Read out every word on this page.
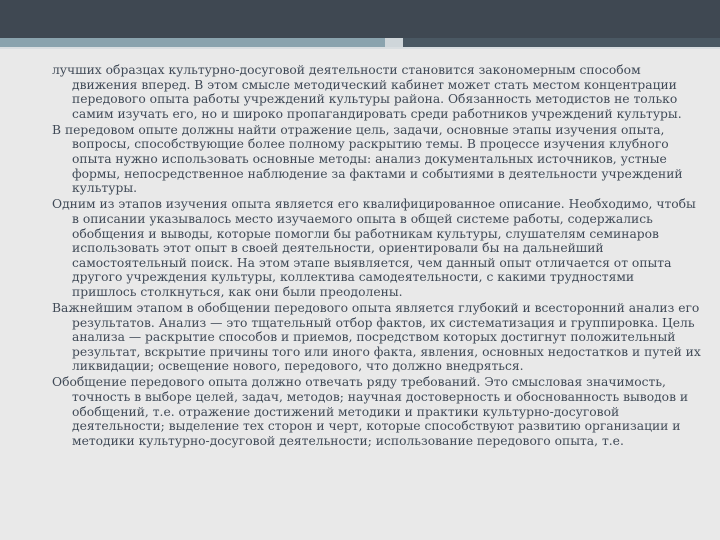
лучших образцах культурно-досуговой деятельности становится закономерным способом движения вперед. В этом смысле методический кабинет может стать местом концентрации передового опыта работы учреждений культуры района. Обязанность методистов не только самим изучать его, но и широко пропагандировать среди работников учреждений культуры.

В передовом опыте должны найти отражение цель, задачи, основные этапы изучения опыта, вопросы, способствующие более полному раскрытию темы. В процессе изучения клубного опыта нужно использовать основные методы: анализ документальных источников, устные формы, непосредственное наблюдение за фактами и событиями в деятельности учреждений культуры.

Одним из этапов изучения опыта является его квалифицированное описание. Необходимо, чтобы в описании указывалось место изучаемого опыта в общей системе работы, содержались обобщения и выводы, которые помогли бы работникам культуры, слушателям семинаров использовать этот опыт в своей деятельности, ориентировали бы на дальнейший самостоятельный поиск. На этом этапе выявляется, чем данный опыт отличается от опыта другого учреждения культуры, коллектива самодеятельности, с какими трудностями пришлось столкнуться, как они были преодолены.

Важнейшим этапом в обобщении передового опыта является глубокий и всесторонний анализ его результатов. Анализ — это тщательный отбор фактов, их систематизация и группировка. Цель анализа — раскрытие способов и приемов, посредством которых достигнут положительный результат, вскрытие причины того или иного факта, явления, основных недостатков и путей их ликвидации; освещение нового, передового, что должно внедряться.

Обобщение передового опыта должно отвечать ряду требований. Это смысловая значимость, точность в выборе целей, задач, методов; научная достоверность и обоснованность выводов и обобщений, т.е. отражение достижений методики и практики культурно-досуговой деятельности; выделение тех сторон и черт, которые способствуют развитию организации и методики культурно-досуговой деятельности; использование передового опыта, т.е.
